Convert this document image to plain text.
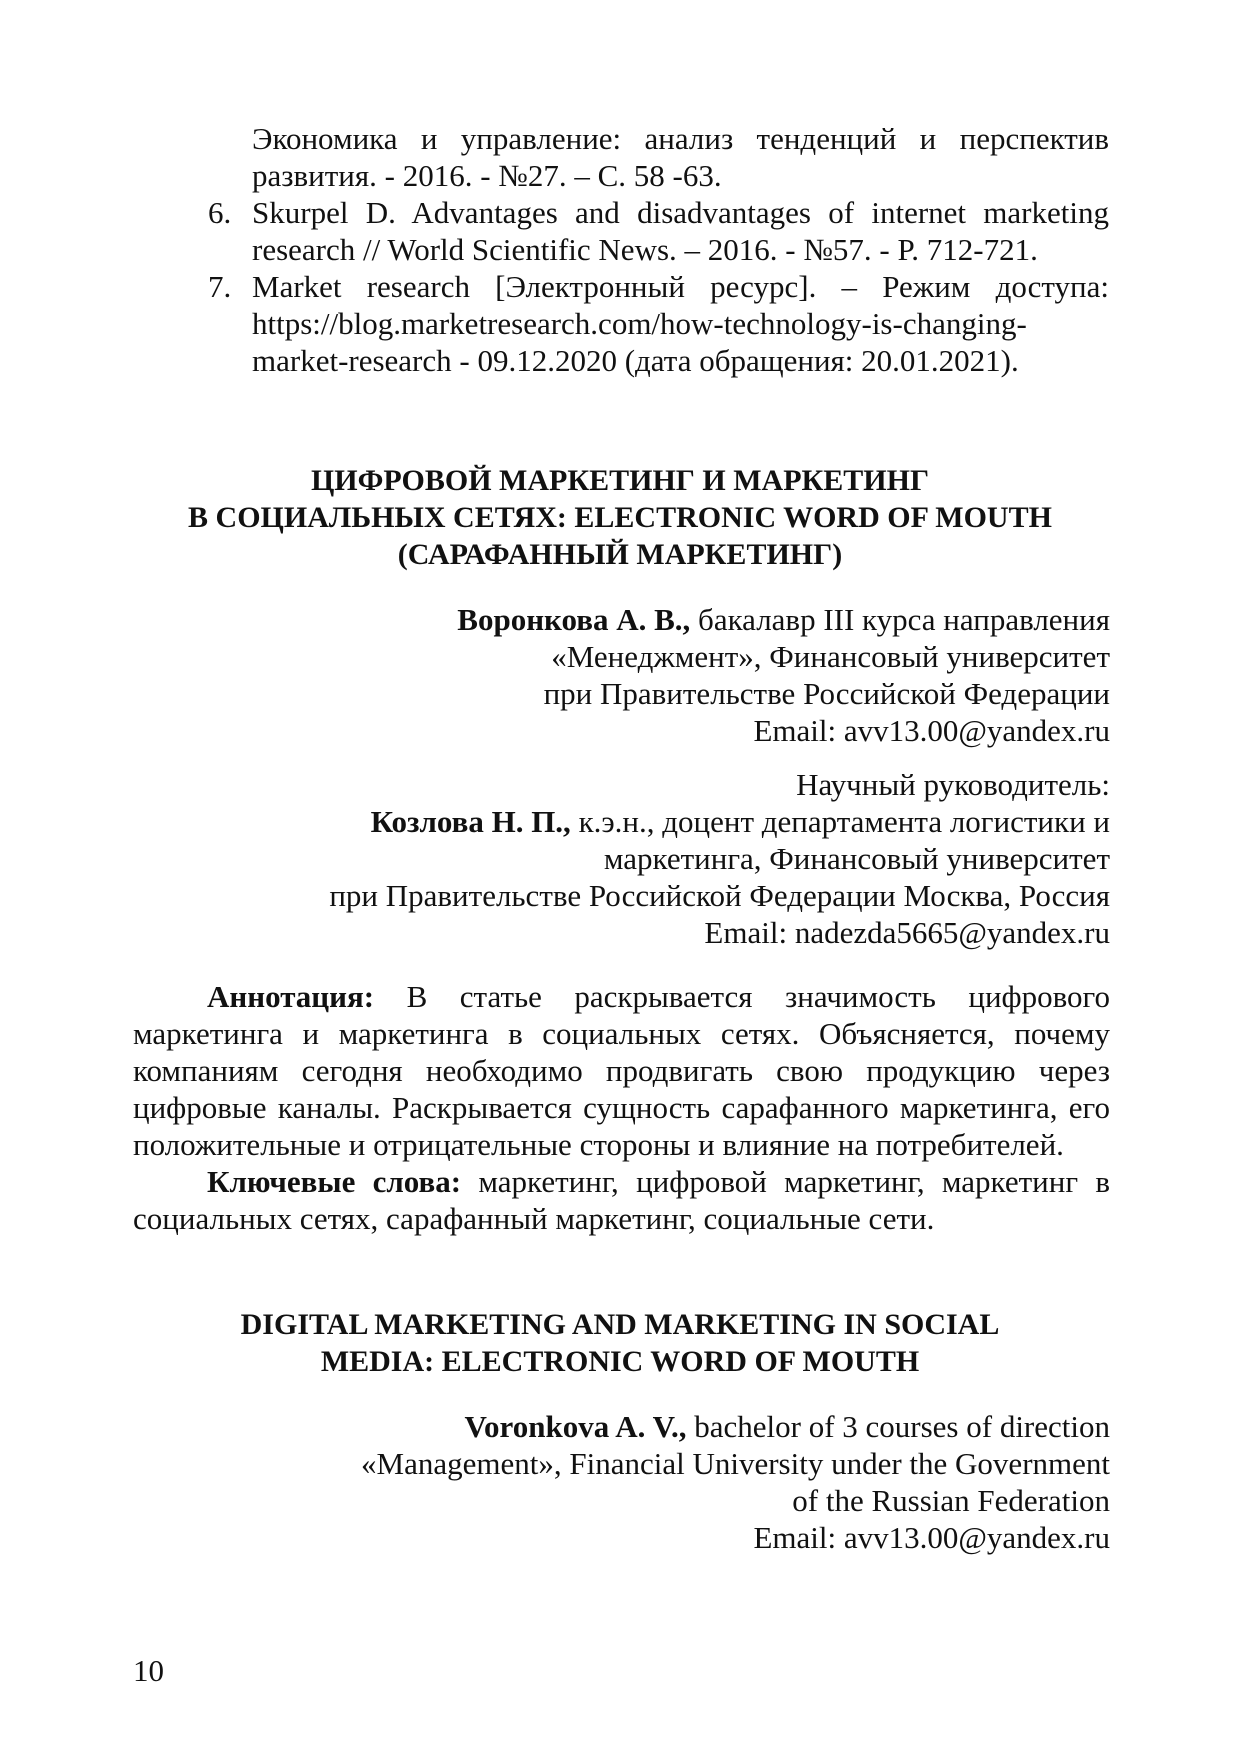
Экономика и управление: анализ тенденций и перспектив
развития. - 2016. - №27. – С. 58 -63.
6. Skurpel D. Advantages and disadvantages of internet marketing
research // World Scientific News. – 2016. - №57. - P. 712-721.
7. Market research [Электронный ресурс]. – Режим доступа:
https://blog.marketresearch.com/how-technology-is-changing-
market-research - 09.12.2020 (дата обращения: 20.01.2021).
ЦИФРОВОЙ МАРКЕТИНГ И МАРКЕТИНГ
В СОЦИАЛЬНЫХ СЕТЯХ: ELECTRONIC WORD OF MOUTH
(САРАФАННЫЙ МАРКЕТИНГ)
Воронкова А. В., бакалавр III курса направления
«Менеджмент», Финансовый университет
при Правительстве Российской Федерации
Email: avv13.00@yandex.ru
Научный руководитель:
Козлова Н. П., к.э.н., доцент департамента логистики и
маркетинга, Финансовый университет
при Правительстве Российской Федерации Москва, Россия
Email: nadezda5665@yandex.ru

Аннотация: В статье раскрывается значимость цифрового маркетинга и маркетинга в социальных сетях. Объясняется, почему компаниям сегодня необходимо продвигать свою продукцию через цифровые каналы. Раскрывается сущность сарафанного маркетинга, его положительные и отрицательные стороны и влияние на потребителей.

Ключевые слова: маркетинг, цифровой маркетинг, маркетинг в социальных сетях, сарафанный маркетинг, социальные сети.

DIGITAL MARKETING AND MARKETING IN SOCIAL
MEDIA: ELECTRONIC WORD OF MOUTH
Voronkova A. V., bachelor of 3 courses of direction
«Management», Financial University under the Government
of the Russian Federation
Email: avv13.00@yandex.ru
10
